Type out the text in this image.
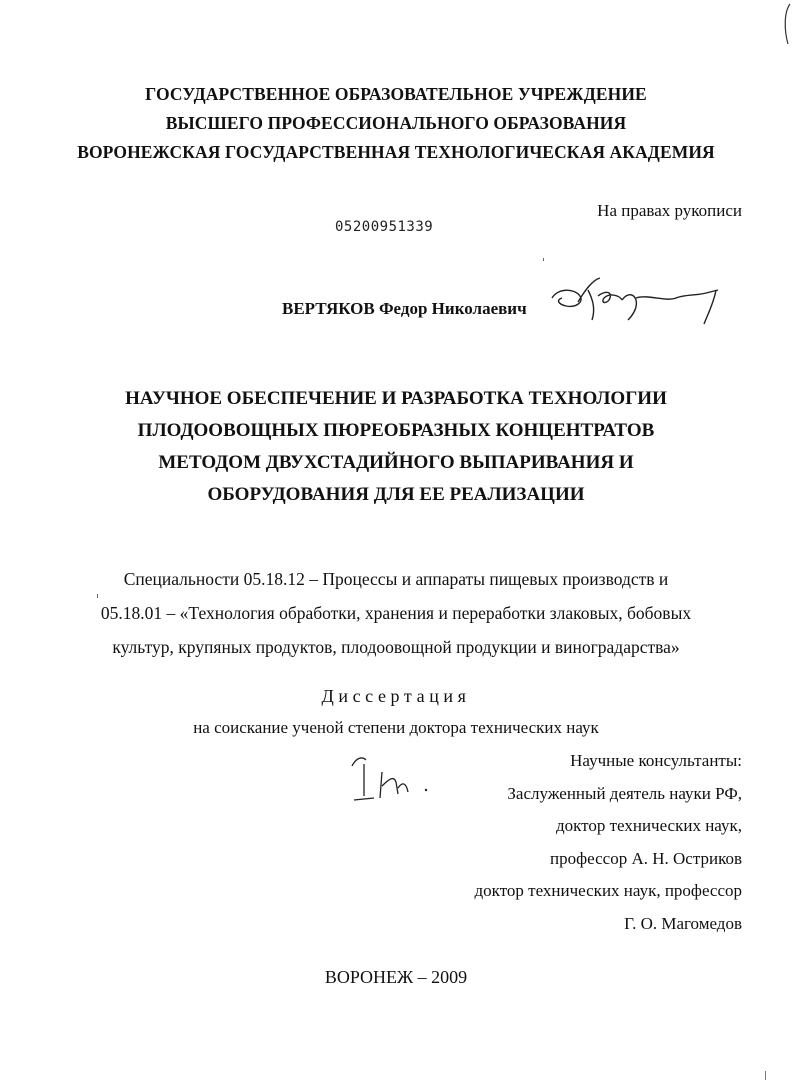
ГОСУДАРСТВЕННОЕ ОБРАЗОВАТЕЛЬНОЕ УЧРЕЖДЕНИЕ
ВЫСШЕГО ПРОФЕССИОНАЛЬНОГО ОБРАЗОВАНИЯ
ВОРОНЕЖСКАЯ ГОСУДАРСТВЕННАЯ ТЕХНОЛОГИЧЕСКАЯ АКАДЕМИЯ
На правах рукописи
05200951339
ВЕРТЯКОВ Федор Николаевич
НАУЧНОЕ ОБЕСПЕЧЕНИЕ И РАЗРАБОТКА ТЕХНОЛОГИИ
ПЛОДООВОЩНЫХ ПЮРЕОБРАЗНЫХ КОНЦЕНТРАТОВ
МЕТОДОМ ДВУХСТАДИЙНОГО ВЫПАРИВАНИЯ И
ОБОРУДОВАНИЯ ДЛЯ ЕЕ РЕАЛИЗАЦИИ
Специальности 05.18.12 – Процессы и аппараты пищевых производств и
05.18.01 – «Технология обработки, хранения и переработки злаковых, бобовых
культур, крупяных продуктов, плодоовощной продукции и виноградарства»
Диссертация
на соискание ученой степени доктора технических наук
Научные консультанты:
Заслуженный деятель науки РФ,
доктор технических наук,
профессор А. Н. Остриков
доктор технических наук, профессор
Г. О. Магомедов
ВОРОНЕЖ – 2009
